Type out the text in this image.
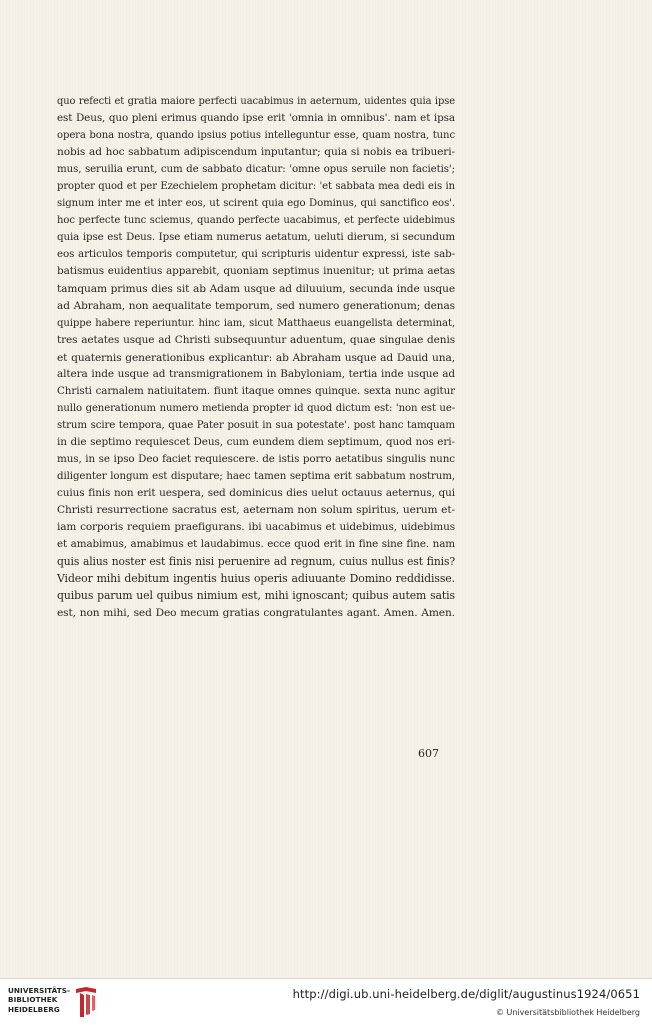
quo refecti et gratia maiore perfecti uacabimus in aeternum, uidentes quia ipse
est Deus, quo pleni erimus quando ipse erit 'omnia in omnibus'. nam et ipsa
opera bona nostra, quando ipsius potius intelleguntur esse, quam nostra, tunc
nobis ad hoc sabbatum adipiscendum inputantur; quia si nobis ea tribueri-
mus, seruilia erunt, cum de sabbato dicatur: 'omne opus seruile non facietis';
propter quod et per Ezechielem prophetam dicitur: 'et sabbata mea dedi eis in
signum inter me et inter eos, ut scirent quia ego Dominus, qui sanctifico eos'.
hoc perfecte tunc sciemus, quando perfecte uacabimus, et perfecte uidebimus
quia ipse est Deus. Ipse etiam numerus aetatum, ueluti dierum, si secundum
eos articulos temporis computetur, qui scripturis uidentur expressi, iste sab-
batismus euidentius apparebit, quoniam septimus inuenitur; ut prima aetas
tamquam primus dies sit ab Adam usque ad diluuium, secunda inde usque
ad Abraham, non aequalitate temporum, sed numero generationum; denas
quippe habere reperiuntur. hinc iam, sicut Matthaeus euangelista determinat,
tres aetates usque ad Christi subsequuntur aduentum, quae singulae denis
et quaternis generationibus explicantur: ab Abraham usque ad Dauid una,
altera inde usque ad transmigrationem in Babyloniam, tertia inde usque ad
Christi carnalem natiuitatem. fiunt itaque omnes quinque. sexta nunc agitur
nullo generationum numero metienda propter id quod dictum est: 'non est ue-
strum scire tempora, quae Pater posuit in sua potestate'. post hanc tamquam
in die septimo requiescet Deus, cum eundem diem septimum, quod nos eri-
mus, in se ipso Deo faciet requiescere. de istis porro aetatibus singulis nunc
diligenter longum est disputare; haec tamen septima erit sabbatum nostrum,
cuius finis non erit uespera, sed dominicus dies uelut octauus aeternus, qui
Christi resurrectione sacratus est, aeternam non solum spiritus, uerum et-
iam corporis requiem praefigurans. ibi uacabimus et uidebimus, uidebimus
et amabimus, amabimus et laudabimus. ecce quod erit in fine sine fine. nam
quis alius noster est finis nisi peruenire ad regnum, cuius nullus est finis?
Videor mihi debitum ingentis huius operis adiuuante Domino reddidisse.
quibus parum uel quibus nimium est, mihi ignoscant; quibus autem satis
est, non mihi, sed Deo mecum gratias congratulantes agant. Amen. Amen.
607
UNIVERSITÄTS-
BIBLIOTHEK
HEIDELBERG
http://digi.ub.uni-heidelberg.de/diglit/augustinus1924/0651
© Universitätsbibliothek Heidelberg
